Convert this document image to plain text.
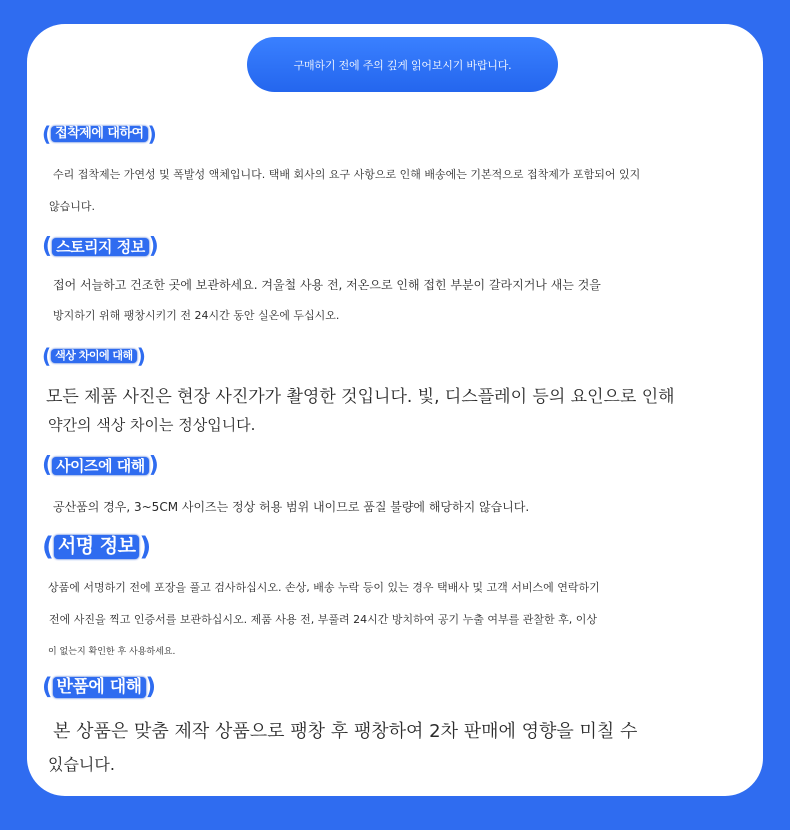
구매하기 전에 주의 깊게 읽어보시기 바랍니다.
( 접착제에 대하여 )

수리 접착제는 가연성 및 폭발성 액체입니다. 택배 회사의 요구 사항으로 인해 배송에는 기본적으로 접착제가 포함되어 있지

않습니다.

( 스토리지 정보 )

접어 서늘하고 건조한 곳에 보관하세요. 겨울철 사용 전, 저온으로 인해 접힌 부분이 갈라지거나 새는 것을

방지하기 위해 팽창시키기 전 24시간 동안 실온에 두십시오.

( 색상 차이에 대해 )

모든 제품 사진은 현장 사진가가 촬영한 것입니다. 빛, 디스플레이 등의 요인으로 인해

약간의 색상 차이는 정상입니다.

( 사이즈에 대해 )

공산품의 경우, 3~5CM 사이즈는 정상 허용 범위 내이므로 품질 불량에 해당하지 않습니다.

( 서명 정보 )

상품에 서명하기 전에 포장을 풀고 검사하십시오. 손상, 배송 누락 등이 있는 경우 택배사 및 고객 서비스에 연락하기

전에 사진을 찍고 인증서를 보관하십시오. 제품 사용 전, 부풀려 24시간 방치하여 공기 누출 여부를 관찰한 후, 이상

이 없는지 확인한 후 사용하세요.

( 반품에 대해 )

본 상품은 맞춤 제작 상품으로 팽창 후 팽창하여 2차 판매에 영향을 미칠 수

있습니다.
